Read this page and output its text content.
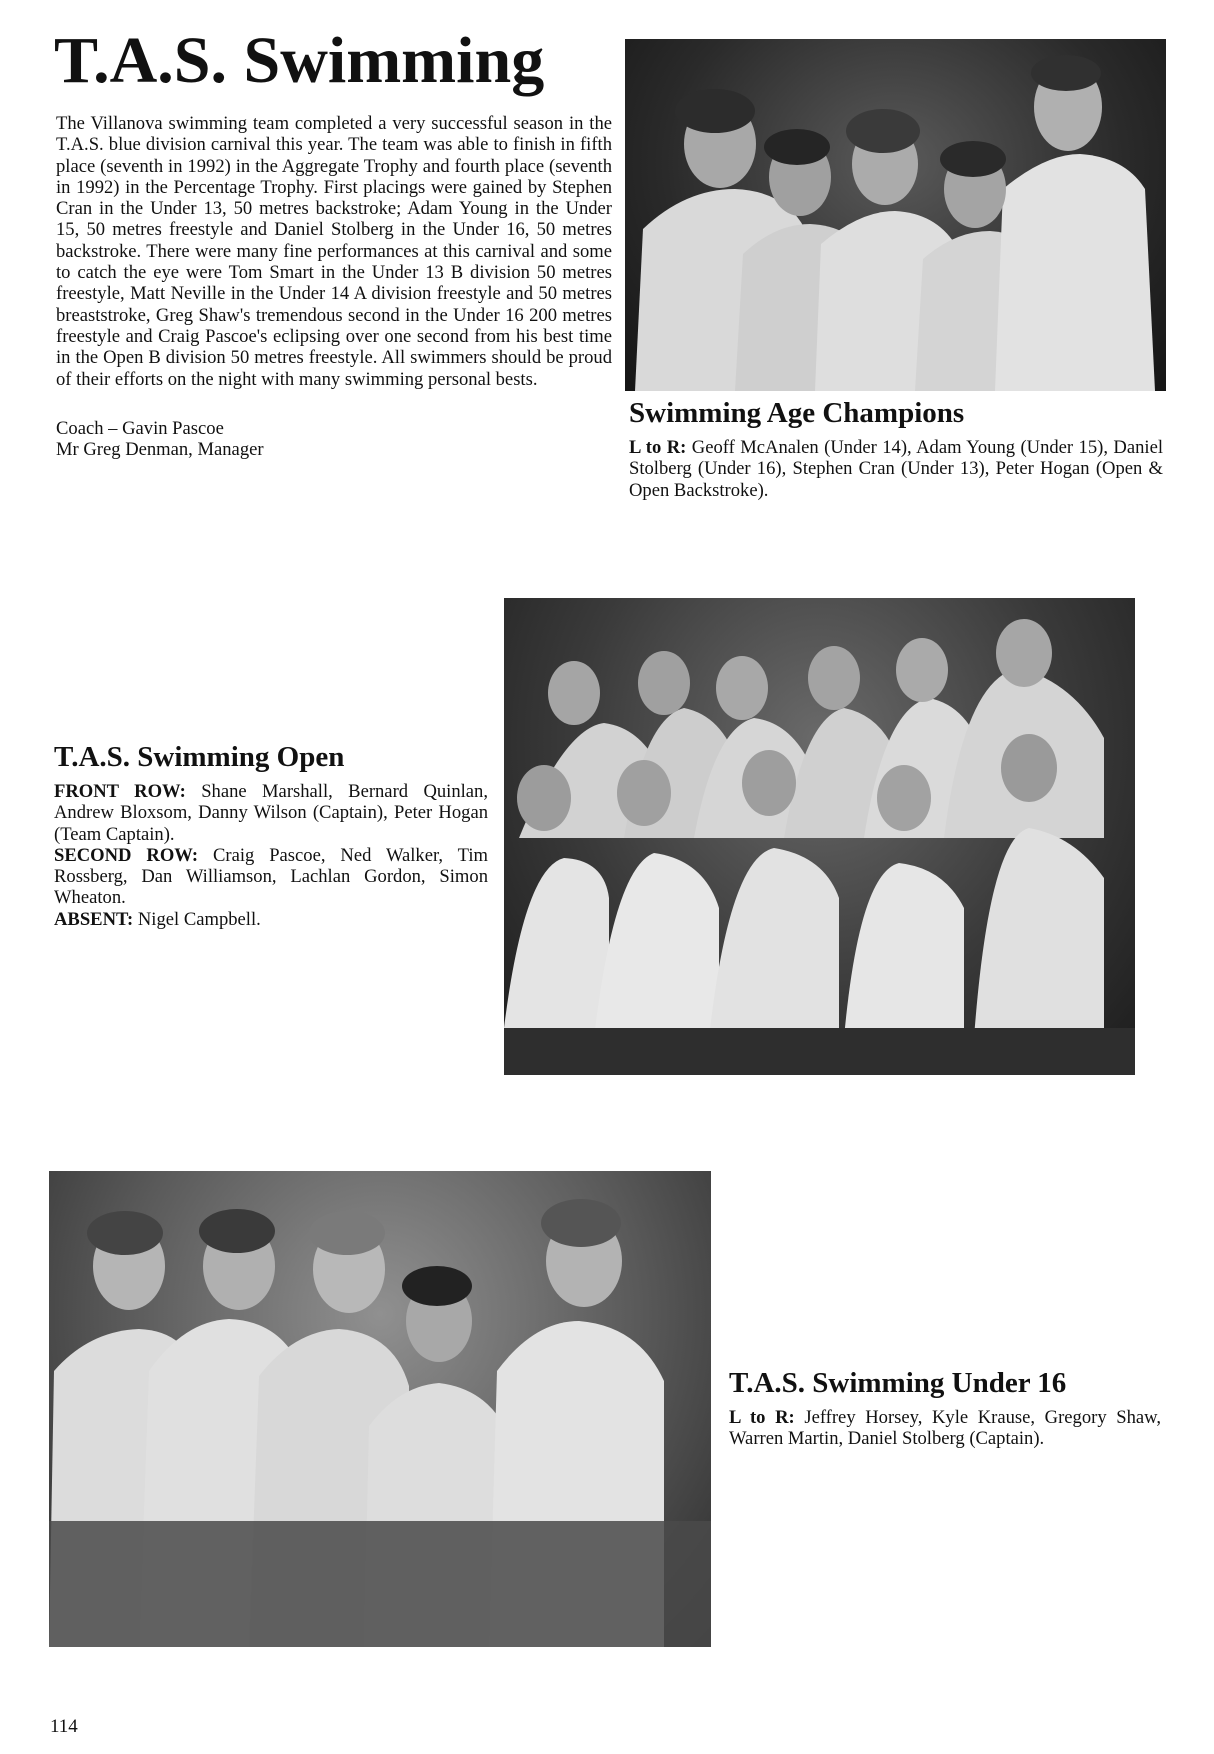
T.A.S. Swimming

The Villanova swimming team completed a very successful season in the T.A.S. blue division carnival this year. The team was able to finish in fifth place (seventh in 1992) in the Aggregate Trophy and fourth place (seventh in 1992) in the Percentage Trophy. First placings were gained by Stephen Cran in the Under 13, 50 metres backstroke; Adam Young in the Under 15, 50 metres freestyle and Daniel Stolberg in the Under 16, 50 metres backstroke. There were many fine performances at this carnival and some to catch the eye were Tom Smart in the Under 13 B division 50 metres freestyle, Matt Neville in the Under 14 A division freestyle and 50 metres breaststroke, Greg Shaw's tremendous second in the Under 16 200 metres freestyle and Craig Pascoe's eclipsing over one second from his best time in the Open B division 50 metres freestyle. All swimmers should be proud of their efforts on the night with many swimming personal bests.

Coach – Gavin Pascoe
Mr Greg Denman, Manager
Swimming Age Champions

L to R: Geoff McAnalen (Under 14), Adam Young (Under 15), Daniel Stolberg (Under 16), Stephen Cran (Under 13), Peter Hogan (Open & Open Backstroke).

T.A.S. Swimming Open

FRONT ROW: Shane Marshall, Bernard Quinlan, Andrew Bloxsom, Danny Wilson (Captain), Peter Hogan (Team Captain).
SECOND ROW: Craig Pascoe, Ned Walker, Tim Rossberg, Dan Williamson, Lachlan Gordon, Simon Wheaton.
ABSENT: Nigel Campbell.

T.A.S. Swimming Under 16

L to R: Jeffrey Horsey, Kyle Krause, Gregory Shaw, Warren Martin, Daniel Stolberg (Captain).

114
